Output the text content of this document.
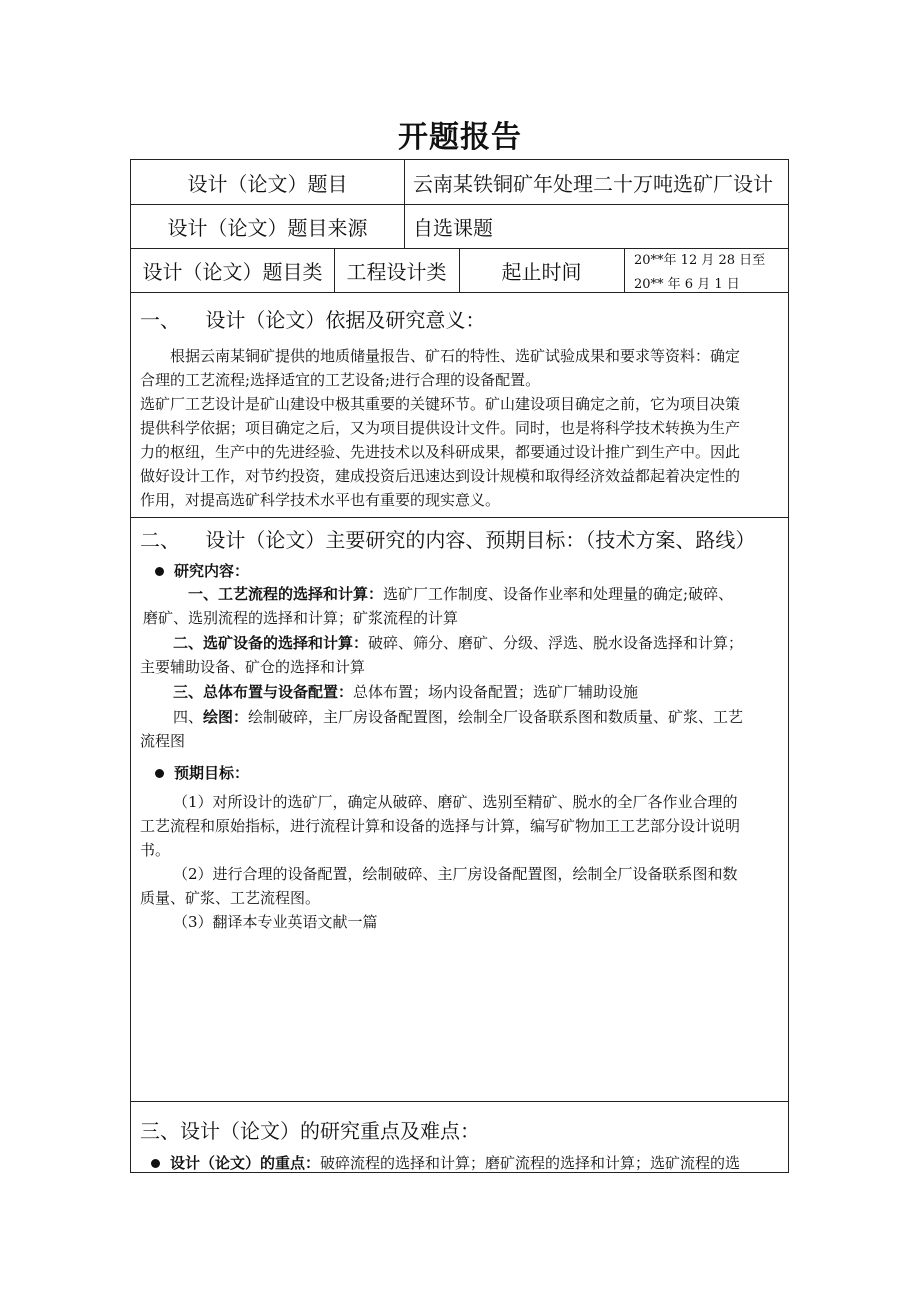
开题报告
设计（论文）题目	云南某铁铜矿年处理二十万吨选矿厂设计
设计（论文）题目来源	自选课题
设计（论文）题目类	工程设计类	起止时间	20**年 12 月 28 日至
20** 年 6 月 1 日
一、    设计（论文）依据及研究意义：

根据云南某铜矿提供的地质储量报告、矿石的特性、选矿试验成果和要求等资料：确定

合理的工艺流程;选择适宜的工艺设备;进行合理的设备配置。

选矿厂工艺设计是矿山建设中极其重要的关键环节。矿山建设项目确定之前，它为项目决策

提供科学依据；项目确定之后，又为项目提供设计文件。同时，也是将科学技术转换为生产

力的枢纽，生产中的先进经验、先进技术以及科研成果，都要通过设计推广到生产中。因此

做好设计工作，对节约投资，建成投资后迅速达到设计规模和取得经济效益都起着决定性的

作用，对提高选矿科学技术水平也有重要的现实意义。

二、    设计（论文）主要研究的内容、预期目标：（技术方案、路线）
研究内容：
一、工艺流程的选择和计算：选矿厂工作制度、设备作业率和处理量的确定;破碎、
磨矿、选别流程的选择和计算；矿浆流程的计算
二、选矿设备的选择和计算：破碎、筛分、磨矿、分级、浮选、脱水设备选择和计算；
主要辅助设备、矿仓的选择和计算
三、总体布置与设备配置：总体布置；场内设备配置；选矿厂辅助设施
四、绘图：绘制破碎，主厂房设备配置图，绘制全厂设备联系图和数质量、矿浆、工艺
流程图
预期目标：
（1）对所设计的选矿厂，确定从破碎、磨矿、选别至精矿、脱水的全厂各作业合理的
工艺流程和原始指标，进行流程计算和设备的选择与计算，编写矿物加工工艺部分设计说明
书。
（2）进行合理的设备配置，绘制破碎、主厂房设备配置图，绘制全厂设备联系图和数
质量、矿浆、工艺流程图。
（3）翻译本专业英语文献一篇
三、设计（论文）的研究重点及难点：
设计（论文）的重点：破碎流程的选择和计算；磨矿流程的选择和计算；选矿流程的选
